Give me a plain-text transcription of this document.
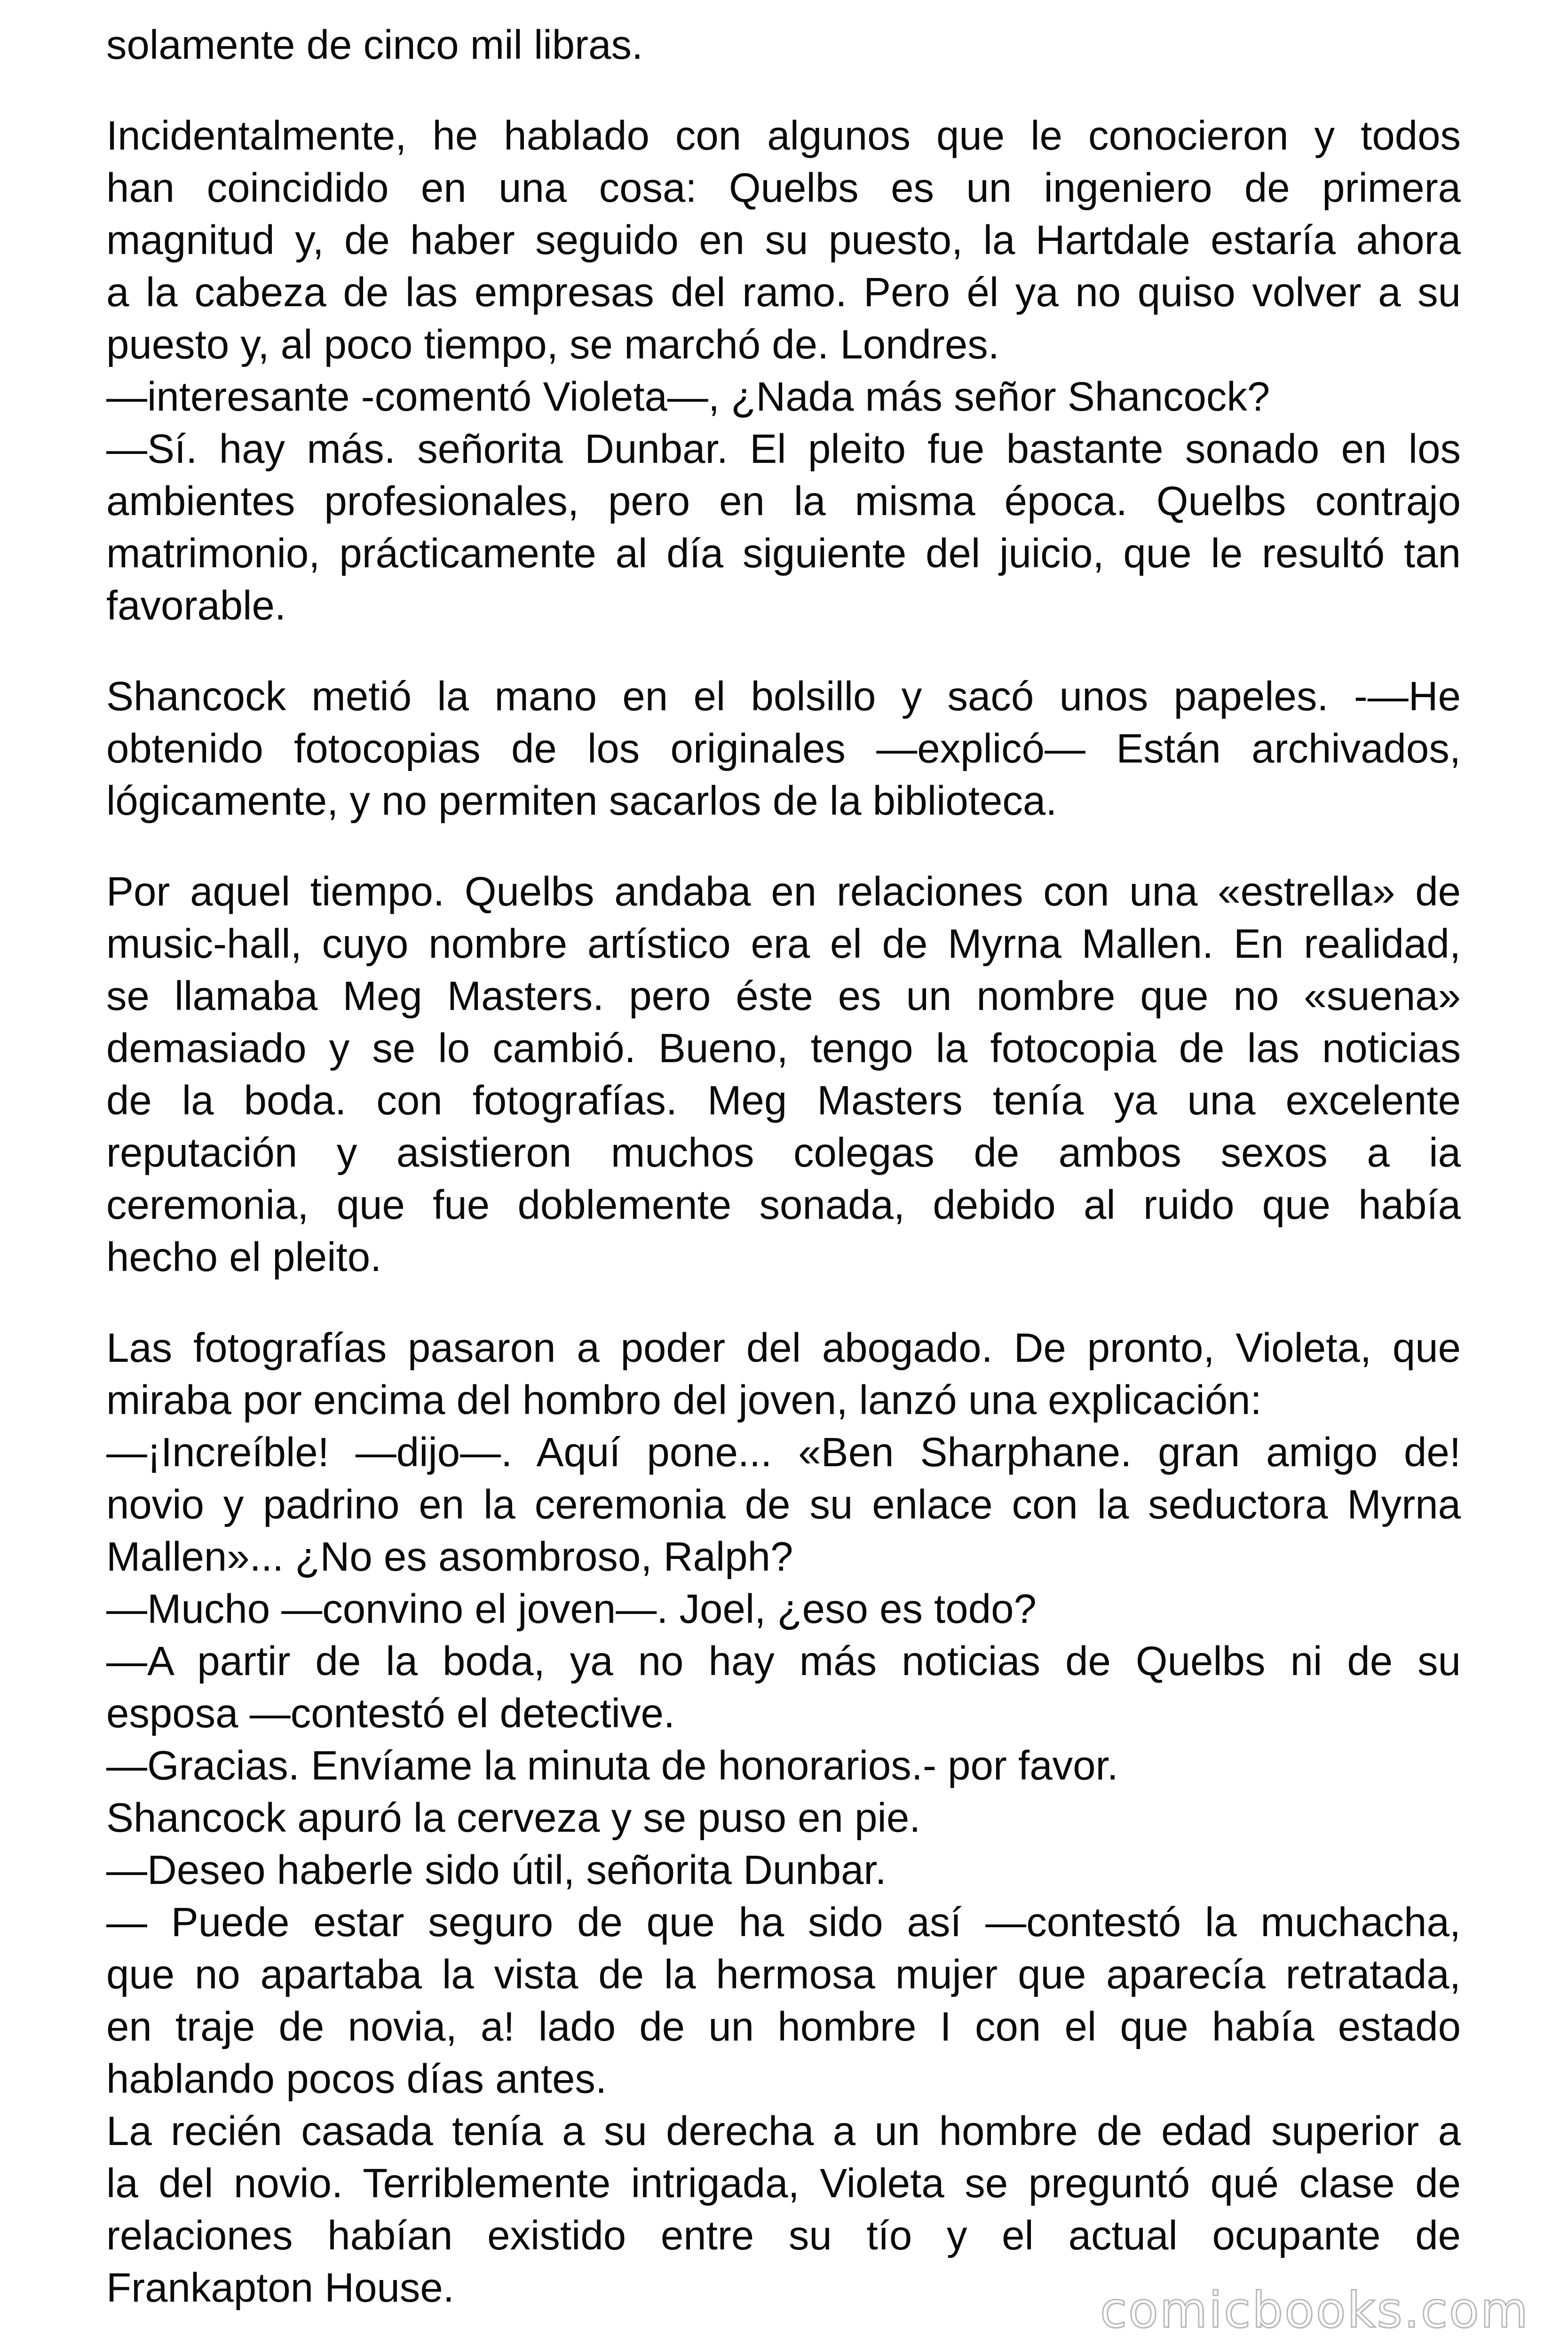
solamente de cinco mil libras.
Incidentalmente, he hablado con algunos que le conocieron y todos
han coincidido en una cosa: Quelbs es un ingeniero de primera
magnitud y, de haber seguido en su puesto, la Hartdale estaría ahora
a la cabeza de las empresas del ramo. Pero él ya no quiso volver a su
puesto y, al poco tiempo, se marchó de. Londres.
—interesante -comentó Violeta—, ¿Nada más señor Shancock?
—Sí. hay más. señorita Dunbar. El pleito fue bastante sonado en los
ambientes profesionales, pero en la misma época. Quelbs contrajo
matrimonio, prácticamente al día siguiente del juicio, que le resultó tan
favorable.
Shancock metió la mano en el bolsillo y sacó unos papeles. -—He
obtenido fotocopias de los originales —explicó— Están archivados,
lógicamente, y no permiten sacarlos de la biblioteca.
Por aquel tiempo. Quelbs andaba en relaciones con una «estrella» de
music-hall, cuyo nombre artístico era el de Myrna Mallen. En realidad,
se llamaba Meg Masters. pero éste es un nombre que no «suena»
demasiado y se lo cambió. Bueno, tengo la fotocopia de las noticias
de la boda. con fotografías. Meg Masters tenía ya una excelente
reputación y asistieron muchos colegas de ambos sexos a ia
ceremonia, que fue doblemente sonada, debido al ruido que había
hecho el pleito.
Las fotografías pasaron a poder del abogado. De pronto, Violeta, que
miraba por encima del hombro del joven, lanzó una explicación:
—¡Increíble! —dijo—. Aquí pone... «Ben Sharphane. gran amigo de!
novio y padrino en la ceremonia de su enlace con la seductora Myrna
Mallen»... ¿No es asombroso, Ralph?
—Mucho —convino el joven—. Joel, ¿eso es todo?
—A partir de la boda, ya no hay más noticias de Quelbs ni de su
esposa —contestó el detective.
—Gracias. Envíame la minuta de honorarios.- por favor.
Shancock apuró la cerveza y se puso en pie.
—Deseo haberle sido útil, señorita Dunbar.
— Puede estar seguro de que ha sido así —contestó la muchacha,
que no apartaba la vista de la hermosa mujer que aparecía retratada,
en traje de novia, a! lado de un hombre I con el que había estado
hablando pocos días antes.
La recién casada tenía a su derecha a un hombre de edad superior a
la del novio. Terriblemente intrigada, Violeta se preguntó qué clase de
relaciones habían existido entre su tío y el actual ocupante de
Frankapton House.	comicbooks.com
